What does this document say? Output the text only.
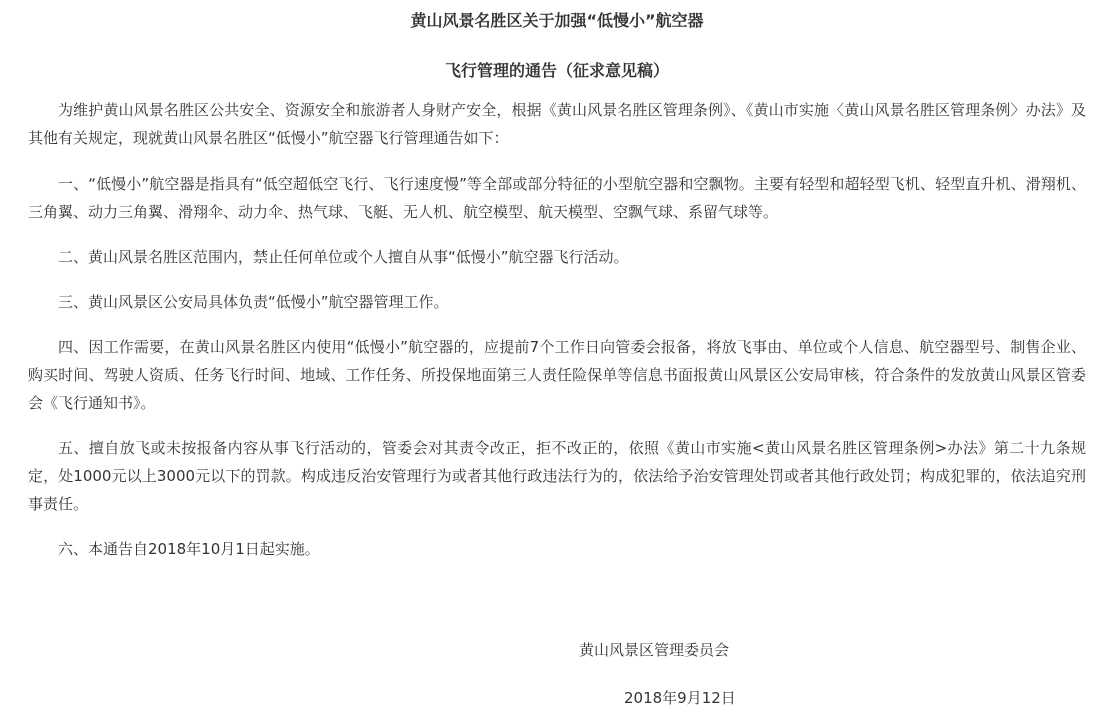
黄山风景名胜区关于加强“低慢小”航空器
飞行管理的通告（征求意见稿）

为维护黄山风景名胜区公共安全、资源安全和旅游者人身财产安全，根据《黄山风景名胜区管理条例》、《黄山市实施〈黄山风景名胜区管理条例〉办法》及其他有关规定，现就黄山风景名胜区“低慢小”航空器飞行管理通告如下：

一、“低慢小”航空器是指具有“低空超低空飞行、飞行速度慢”等全部或部分特征的小型航空器和空飘物。主要有轻型和超轻型飞机、轻型直升机、滑翔机、三角翼、动力三角翼、滑翔伞、动力伞、热气球、飞艇、无人机、航空模型、航天模型、空飘气球、系留气球等。

二、黄山风景名胜区范围内，禁止任何单位或个人擅自从事“低慢小”航空器飞行活动。

三、黄山风景区公安局具体负责“低慢小”航空器管理工作。

四、因工作需要，在黄山风景名胜区内使用“低慢小”航空器的，应提前7个工作日向管委会报备，将放飞事由、单位或个人信息、航空器型号、制售企业、购买时间、驾驶人资质、任务飞行时间、地域、工作任务、所投保地面第三人责任险保单等信息书面报黄山风景区公安局审核，符合条件的发放黄山风景区管委会《飞行通知书》。

五、擅自放飞或未按报备内容从事飞行活动的，管委会对其责令改正，拒不改正的，依照《黄山市实施<黄山风景名胜区管理条例>办法》第二十九条规定，处1000元以上3000元以下的罚款。构成违反治安管理行为或者其他行政违法行为的，依法给予治安管理处罚或者其他行政处罚；构成犯罪的，依法追究刑事责任。

六、本通告自2018年10月1日起实施。

黄山风景区管理委员会
2018年9月12日
